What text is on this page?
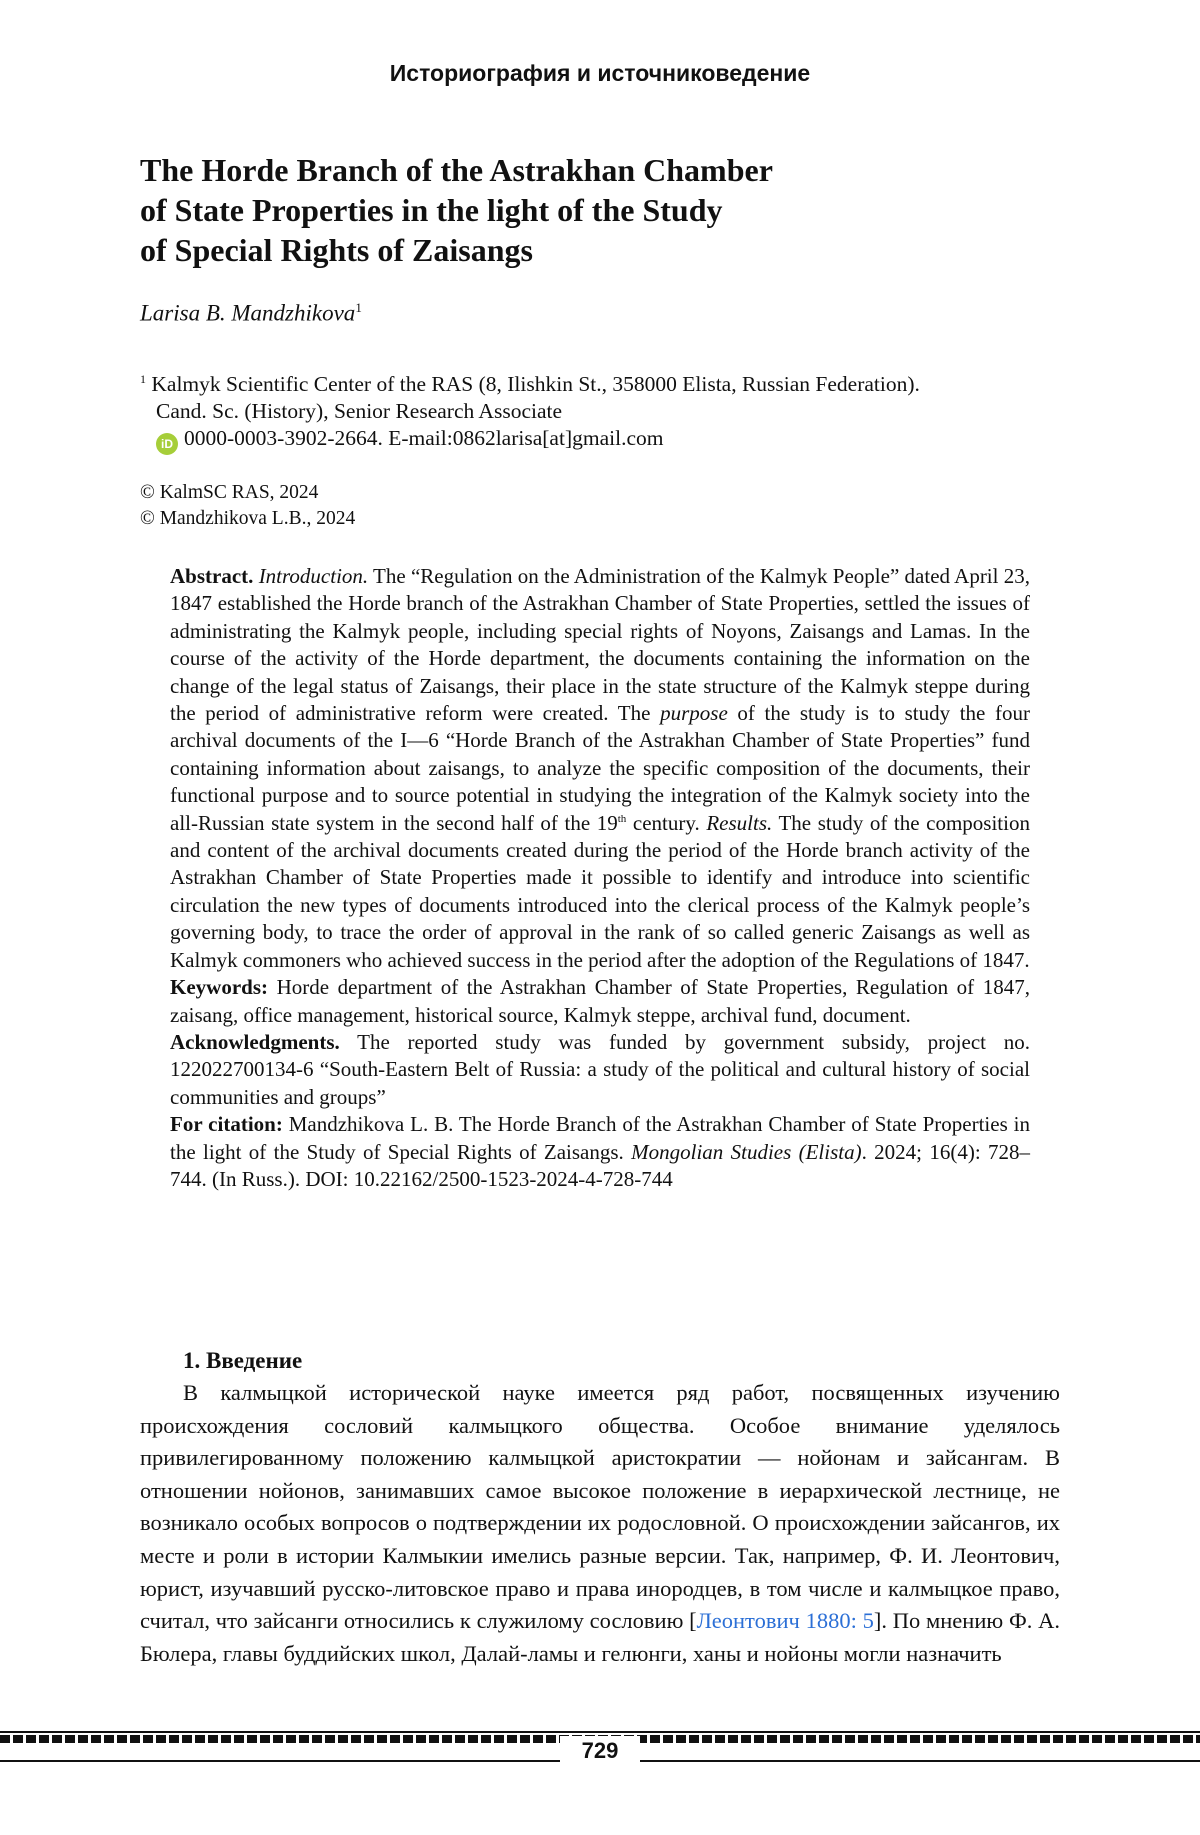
Историография и источниковедение
The Horde Branch of the Astrakhan Chamber
of State Properties in the light of the Study
of Special Rights of Zaisangs
Larisa B. Mandzhikova$^1$
$^1$ Kalmyk Scientific Center of the RAS (8, Ilishkin St., 358000 Elista, Russian Federation).
Cand. Sc. (History), Senior Research Associate
iD 0000-0003-3902-2664. E-mail:0862larisa[at]gmail.com
© KalmSC RAS, 2024
© Mandzhikova L.B., 2024

Abstract. Introduction. The “Regulation on the Administration of the Kalmyk People” dated April 23, 1847 established the Horde branch of the Astrakhan Chamber of State Properties, settled the issues of administrating the Kalmyk people, including special rights of Noyons, Zaisangs and Lamas. In the course of the activity of the Horde department, the documents containing the information on the change of the legal status of Zaisangs, their place in the state structure of the Kalmyk steppe during the period of administrative reform were created. The purpose of the study is to study the four archival documents of the I—6 “Horde Branch of the Astrakhan Chamber of State Properties” fund containing information about zaisangs, to analyze the specific composition of the documents, their functional purpose and to source potential in studying the integration of the Kalmyk society into the all-Russian state system in the second half of the 19th century. Results. The study of the composition and content of the archival documents created during the period of the Horde branch activity of the Astrakhan Chamber of State Properties made it possible to identify and introduce into scientific circulation the new types of documents introduced into the clerical process of the Kalmyk people’s governing body, to trace the order of approval in the rank of so called generic Zaisangs as well as Kalmyk commoners who achieved success in the period after the adoption of the Regulations of 1847.

Keywords: Horde department of the Astrakhan Chamber of State Properties, Regulation of 1847, zaisang, office management, historical source, Kalmyk steppe, archival fund, document.

Acknowledgments. The reported study was funded by government subsidy, project no. 122022700134-6 “South-Eastern Belt of Russia: a study of the political and cultural history of social communities and groups”

For citation: Mandzhikova L. B. The Horde Branch of the Astrakhan Chamber of State Properties in the light of the Study of Special Rights of Zaisangs. Mongolian Studies (Elista). 2024; 16(4): 728–744. (In Russ.). DOI: 10.22162/2500-1523-2024-4-728-744

1. Введение

В калмыцкой исторической науке имеется ряд работ, посвященных изучению происхождения сословий калмыцкого общества. Особое внимание уделялось привилегированному положению калмыцкой аристократии — нойонам и зайсангам. В отношении нойонов, занимавших самое высокое положение в иерархической лестнице, не возникало особых вопросов о подтверждении их родословной. О происхождении зайсангов, их месте и роли в истории Калмыкии имелись разные версии. Так, например, Ф. И. Леонтович, юрист, изучавший русско-литовское право и права инородцев, в том числе и калмыцкое право, считал, что зайсанги относились к служилому сословию [Леонтович 1880: 5]. По мнению Ф. А. Бюлера, главы буддийских школ, Далай-ламы и гелюнги, ханы и нойоны могли назначить

729
